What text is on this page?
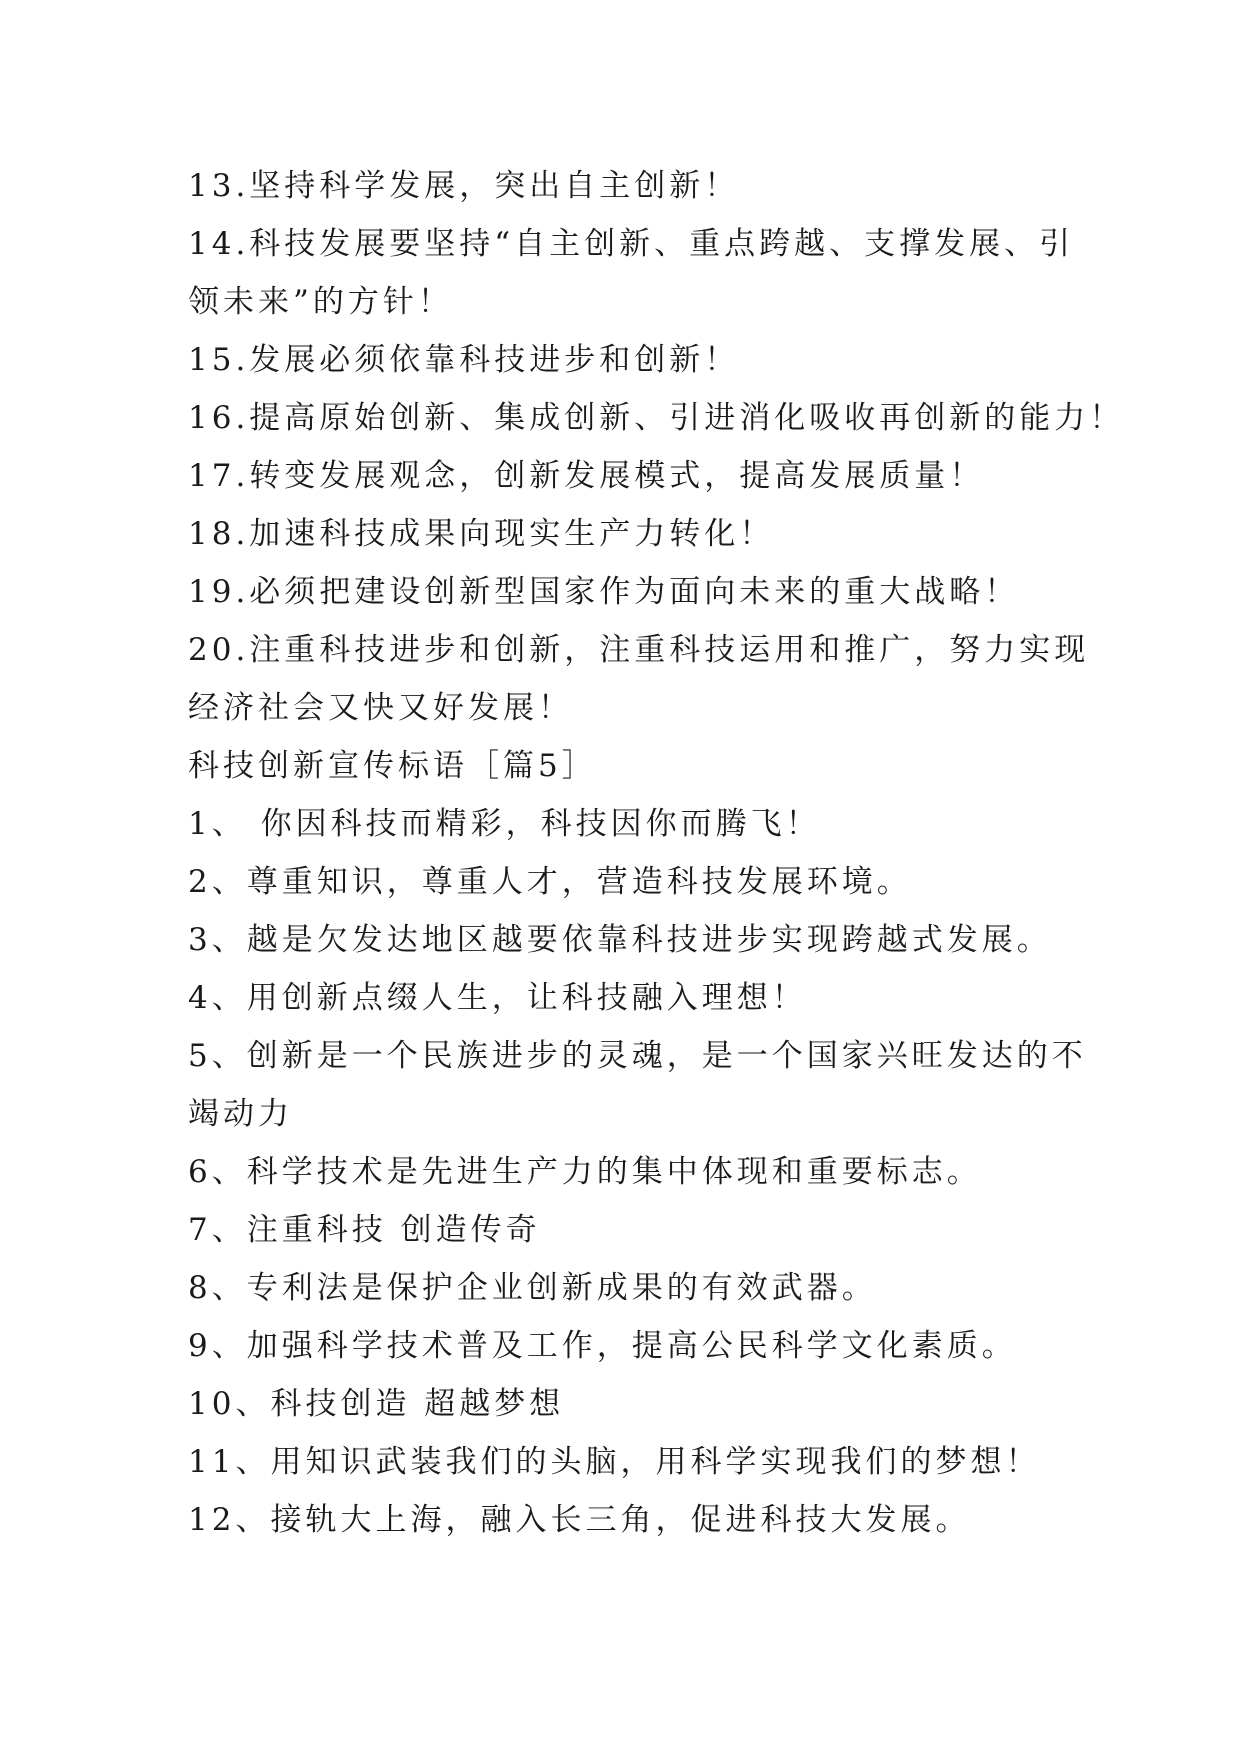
13.坚持科学发展，突出自主创新！
14.科技发展要坚持“自主创新、重点跨越、支撑发展、引
领未来”的方针！
15.发展必须依靠科技进步和创新！
16.提高原始创新、集成创新、引进消化吸收再创新的能力！
17.转变发展观念，创新发展模式，提高发展质量！
18.加速科技成果向现实生产力转化！
19.必须把建设创新型国家作为面向未来的重大战略！
20.注重科技进步和创新，注重科技运用和推广，努力实现
经济社会又快又好发展！
科技创新宣传标语［篇5］
1、 你因科技而精彩，科技因你而腾飞！
2、尊重知识，尊重人才，营造科技发展环境。
3、越是欠发达地区越要依靠科技进步实现跨越式发展。
4、用创新点缀人生，让科技融入理想！
5、创新是一个民族进步的灵魂，是一个国家兴旺发达的不
竭动力
6、科学技术是先进生产力的集中体现和重要标志。
7、注重科技 创造传奇
8、专利法是保护企业创新成果的有效武器。
9、加强科学技术普及工作，提高公民科学文化素质。
10、科技创造 超越梦想
11、用知识武装我们的头脑，用科学实现我们的梦想！
12、接轨大上海，融入长三角，促进科技大发展。
